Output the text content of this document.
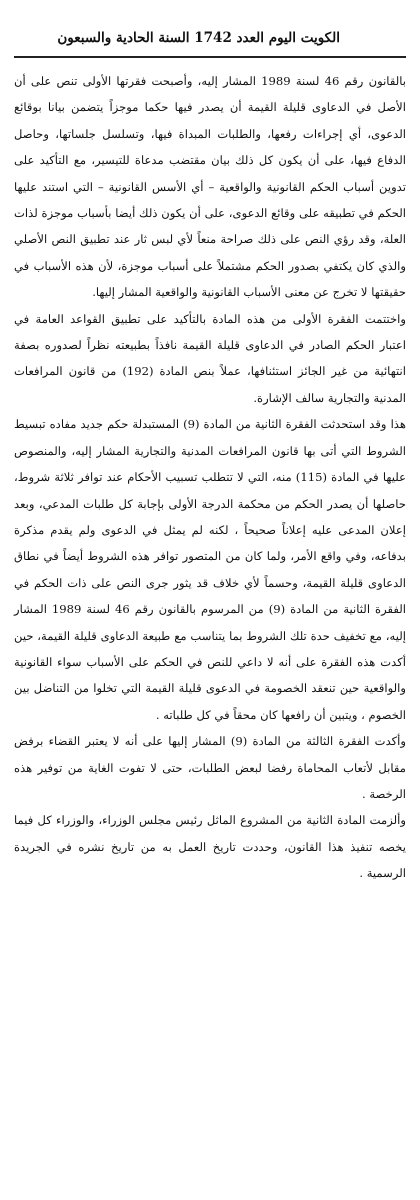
الكويت اليوم العدد 1742 السنة الحادية والسبعون

بالقانون رقم 46 لسنة 1989 المشار إليه، وأصبحت فقرتها الأولى تنص على أن الأصل في الدعاوى قليلة القيمة أن يصدر فيها حكما موجزاً يتضمن بيانا بوقائع الدعوى، أي إجراءات رفعها، والطلبات المبداة فيها، وتسلسل جلساتها، وحاصل الدفاع فيها، على أن يكون كل ذلك بيان مقتضب مدعاة للتيسير، مع التأكيد على تدوين أسباب الحكم القانونية والواقعية – أي الأسس القانونية – التي استند عليها الحكم في تطبيقه على وقائع الدعوى، على أن يكون ذلك أيضا بأسباب موجزة لذات العلة، وقد رؤي النص على ذلك صراحة منعاً لأي لبس ثار عند تطبيق النص الأصلي والذي كان يكتفي بصدور الحكم مشتملاً على أسباب موجزة، لأن هذه الأسباب في حقيقتها لا تخرج عن معنى الأسباب القانونية والواقعية المشار إليها.

واختتمت الفقرة الأولى من هذه المادة بالتأكيد على تطبيق القواعد العامة في اعتبار الحكم الصادر في الدعاوى قليلة القيمة نافذاً بطبيعته نظراً لصدوره بصفة انتهائية من غير الجائز استئنافها، عملاً بنص المادة (192) من قانون المرافعات المدنية والتجارية سالف الإشارة.

هذا وقد استحدثت الفقرة الثانية من المادة (9) المستبدلة حكم جديد مفاده تبسيط الشروط التي أتى بها قانون المرافعات المدنية والتجارية المشار إليه، والمنصوص عليها في المادة (115) منه، التي لا تتطلب تسبيب الأحكام عند توافر ثلاثة شروط، حاصلها أن يصدر الحكم من محكمة الدرجة الأولى بإجابة كل طلبات المدعي، وبعد إعلان المدعى عليه إعلاناً صحيحاً ، لكنه لم يمثل في الدعوى ولم يقدم مذكرة بدفاعه، وفي واقع الأمر، ولما كان من المتصور توافر هذه الشروط أيضاً في نطاق الدعاوى قليلة القيمة، وحسماً لأي خلاف قد يثور جرى النص على ذات الحكم في الفقرة الثانية من المادة (9) من المرسوم بالقانون رقم 46 لسنة 1989 المشار إليه، مع تخفيف حدة تلك الشروط بما يتناسب مع طبيعة الدعاوى قليلة القيمة، حين أكدت هذه الفقرة على أنه لا داعي للنص في الحكم على الأسباب سواء القانونية والواقعية حين تنعقد الخصومة في الدعوى قليلة القيمة التي تخلوا من التناضل بين الخصوم ، ويتبين أن رافعها كان محقاً في كل طلباته .

وأكدت الفقرة الثالثة من المادة (9) المشار إليها على أنه لا يعتبر القضاء برفض مقابل لأتعاب المحاماة رفضا لبعض الطلبات، حتى لا تفوت الغاية من توفير هذه الرخصة .

وألزمت المادة الثانية من المشروع الماثل رئيس مجلس الوزراء، والوزراء كل فيما يخصه تنفيذ هذا القانون، وحددت تاريخ العمل به من تاريخ نشره في الجريدة الرسمية .
